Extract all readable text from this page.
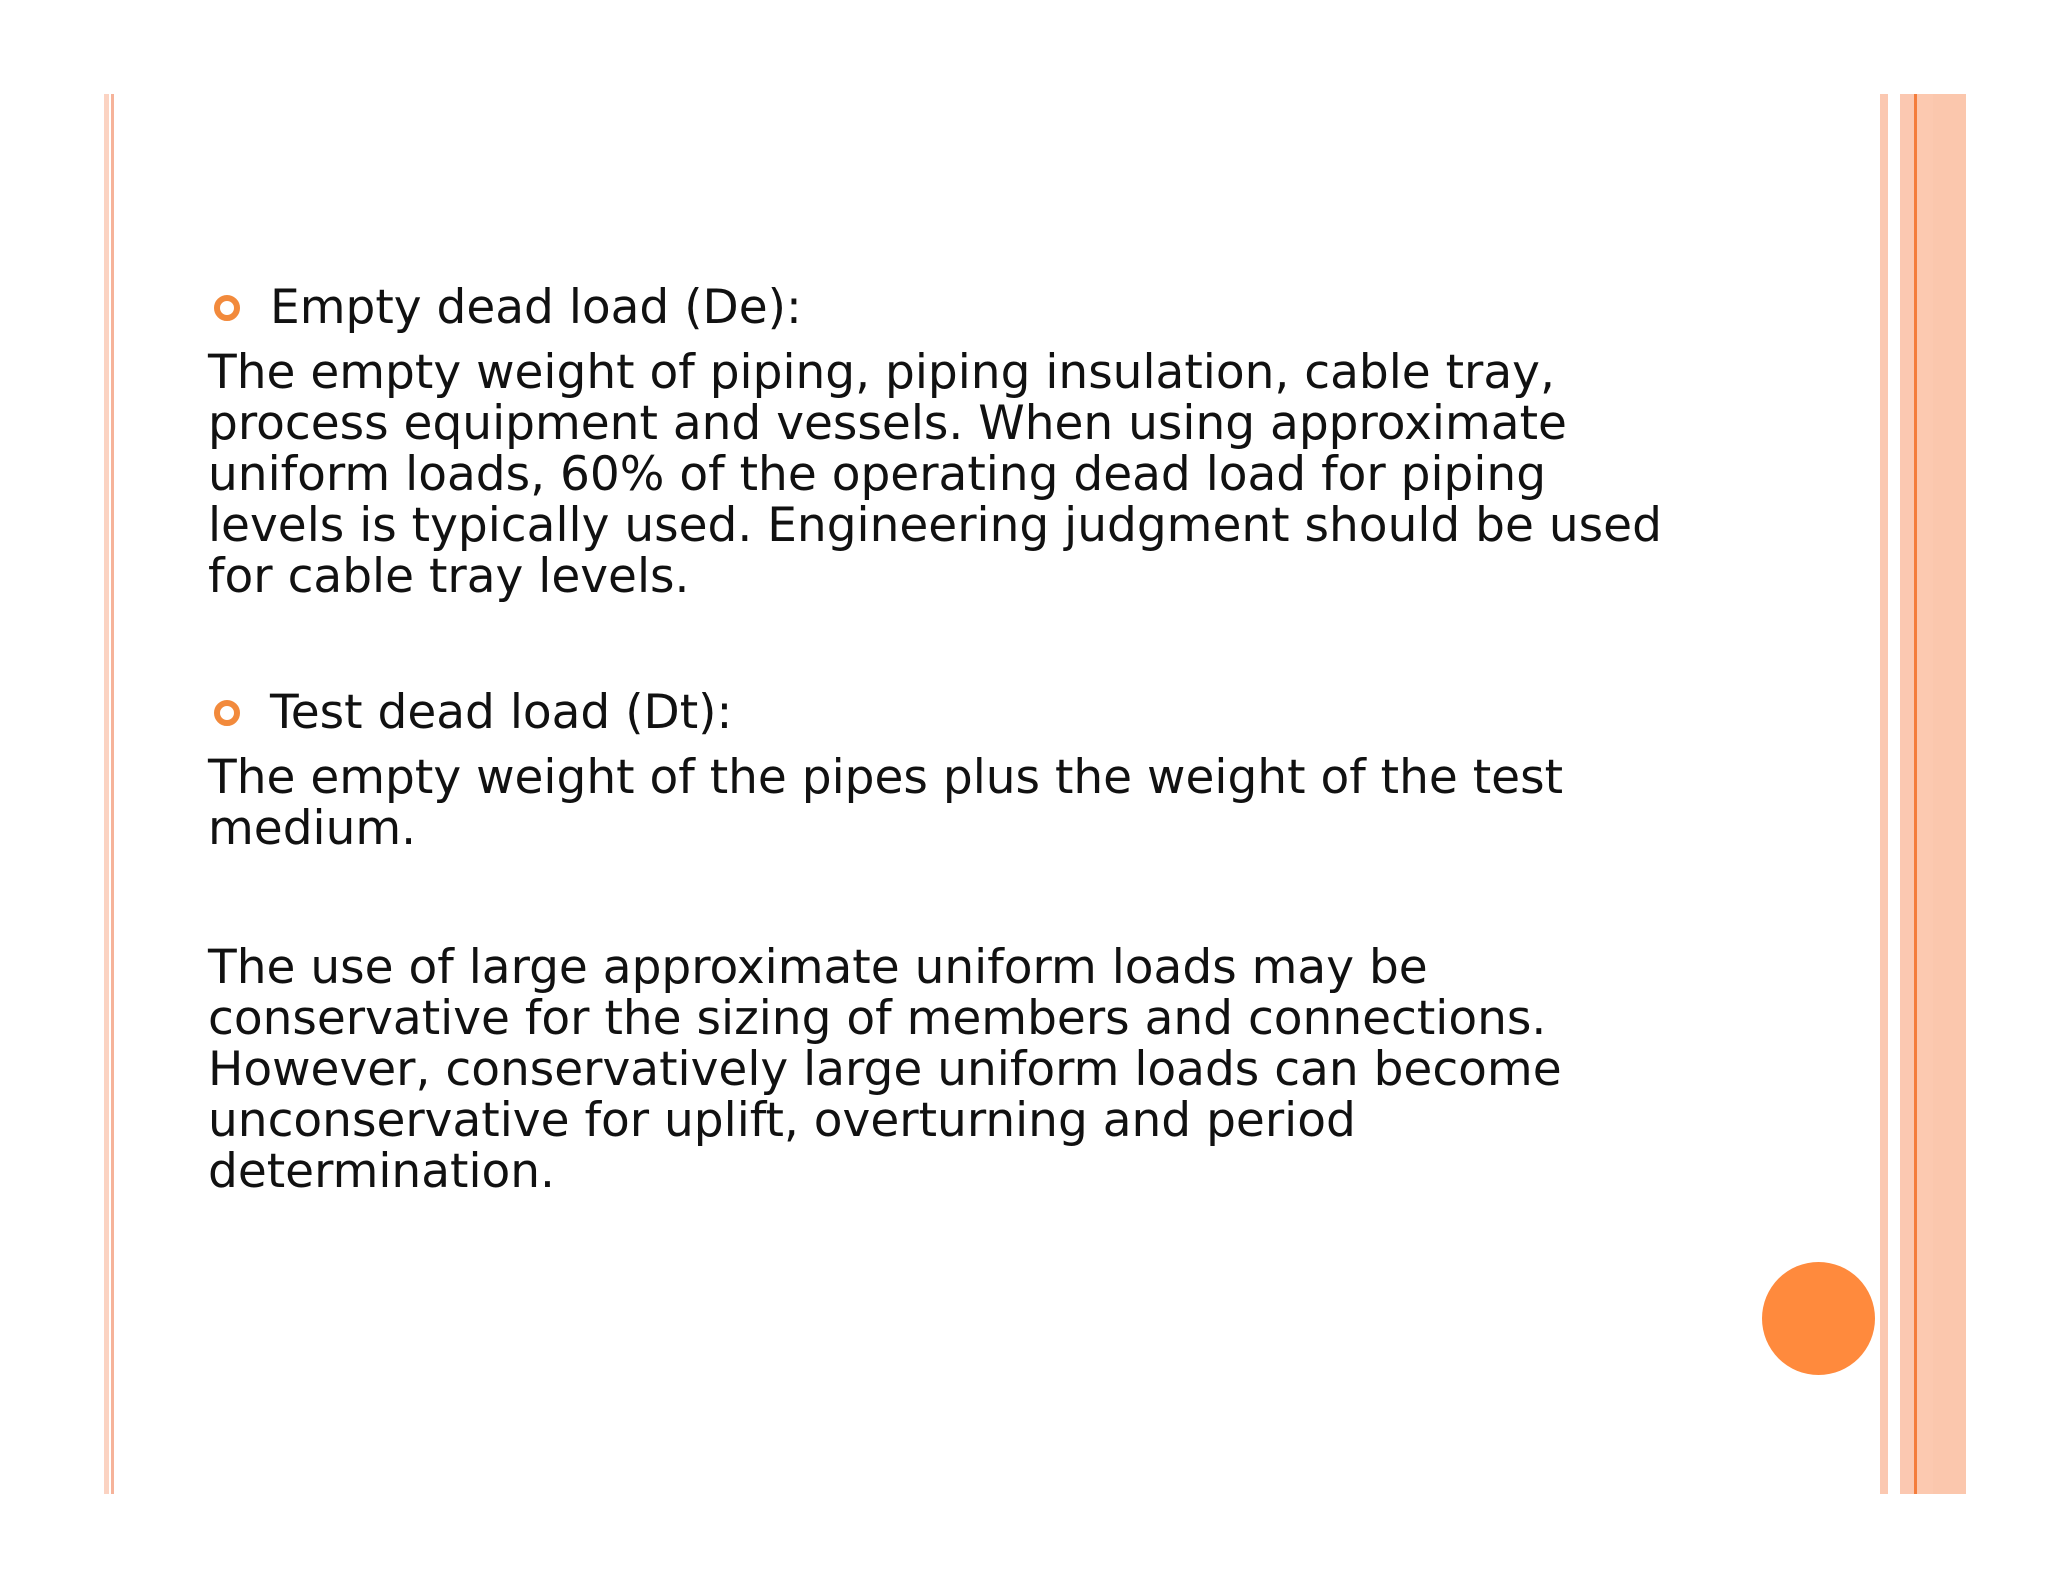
Empty dead load (De):

The empty weight of piping, piping insulation, cable tray,
process equipment and vessels. When using approximate
uniform loads, 60% of the operating dead load for piping
levels is typically used. Engineering judgment should be used
for cable tray levels.

Test dead load (Dt):

The empty weight of the pipes plus the weight of the test
medium.

The use of large approximate uniform loads may be
conservative for the sizing of members and connections.
However, conservatively large uniform loads can become
unconservative for uplift, overturning and period
determination.
